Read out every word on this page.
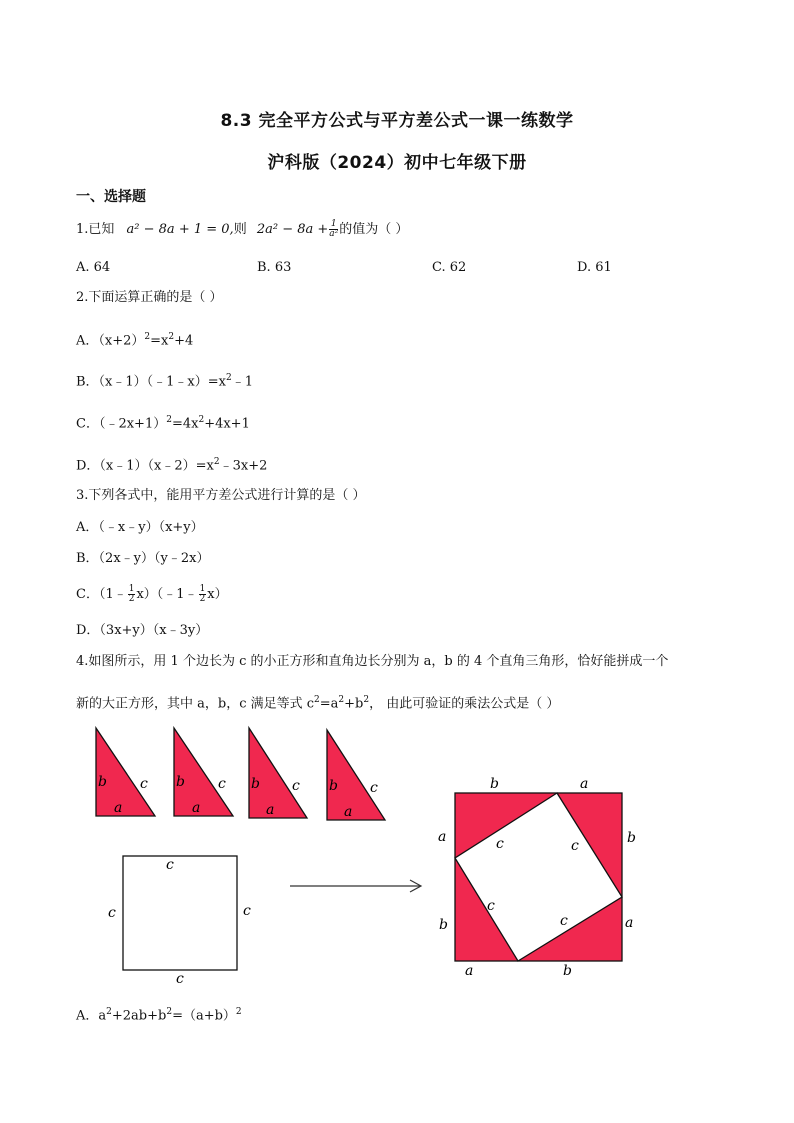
8.3 完全平方公式与平方差公式一课一练数学
沪科版（2024）初中七年级下册
一、选择题
1.已知 a² − 8a + 1 = 0,则 $2a^2 - 8a + \frac{1}{\text{a²}}$ 的值为（ ）
A. 64	B. 63	C. 62	D. 61
2.下面运算正确的是（ ）
A．$(x+2)^2=x^2+4$
B．$(x﹣1)(﹣1﹣x)=x^2﹣1$
C．$(﹣2x+1)^2=4x^2+4x+1$
D．$(x﹣1)(x﹣2)=x^2﹣3x+2$
3.下列各式中，能用平方差公式进行计算的是（ ）
A．（﹣x﹣y）（x+y）
B．（2x﹣y）（y﹣2x）
C．（1﹣ $\frac{1}{2}$ x）（﹣1﹣ $\frac{1}{2} x$）
D．（3x+y）（x﹣3y）
4.如图所示，用 1 个边长为 c 的小正方形和直角边长分别为 a，b 的 4 个直角三角形，恰好能拼成一个
新的大正方形，其中 a，b，c 满足等式 $c^2=a^2+b^2$， 由此可验证的乘法公式是（ ）
b c
a
b c
a
b c
a
b c
a
c
c	c
c
b	a
a	b
b	a
a	b
c	c
c
c
A．$a^2+2ab+b^2=(a+b)^2$
